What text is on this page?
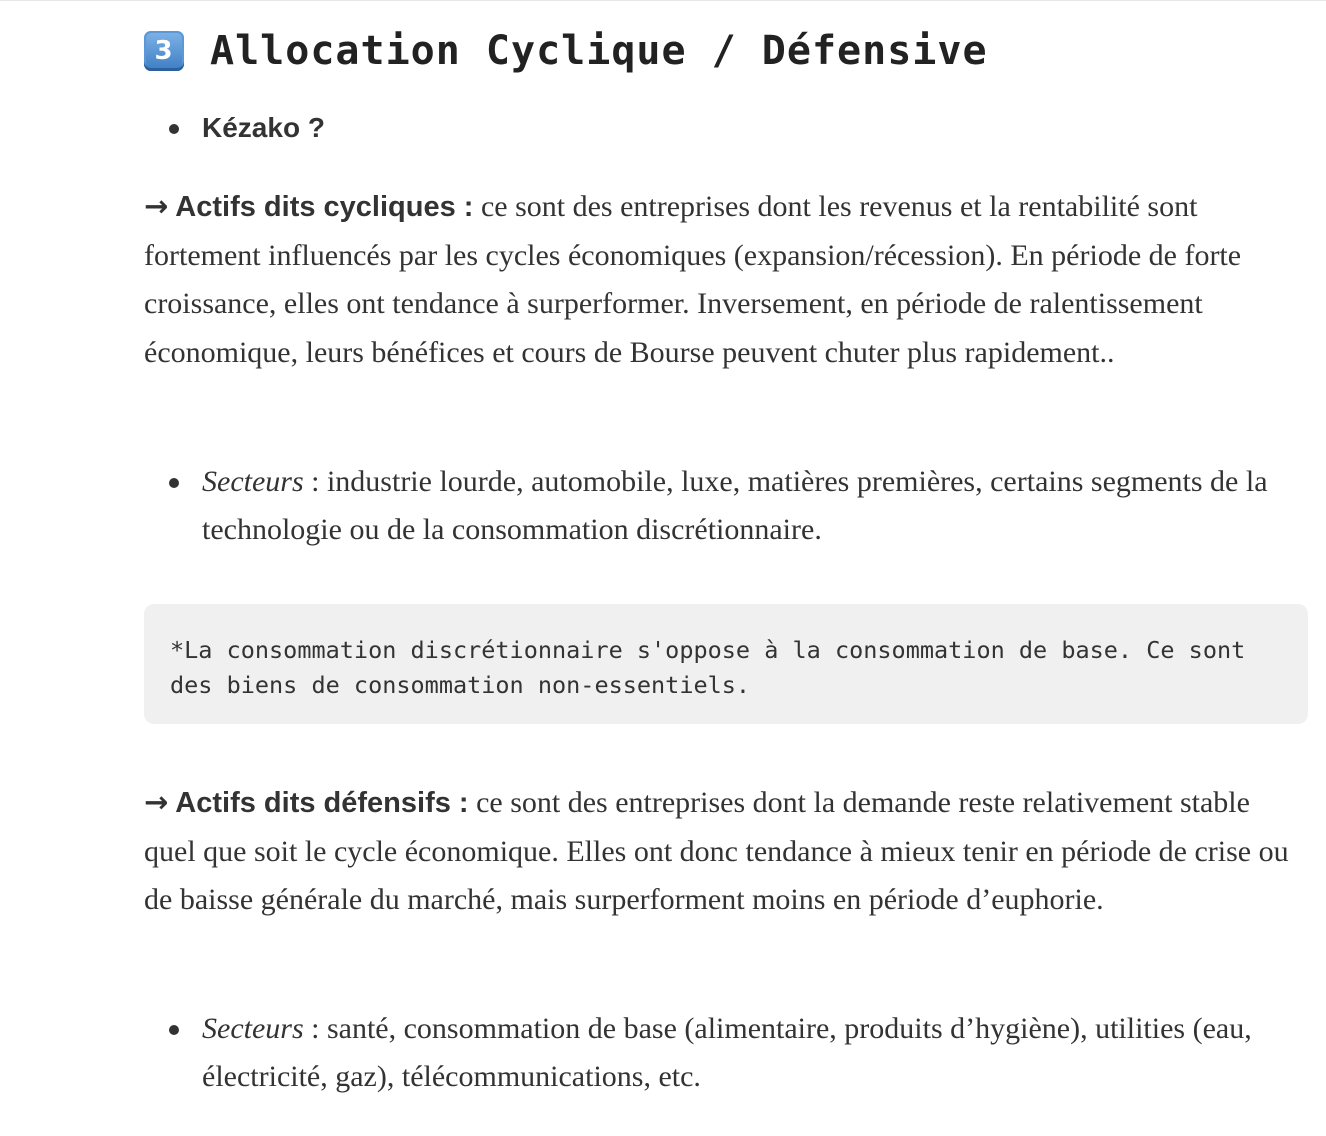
3 Allocation Cyclique / Défensive
Kézako ?

→ Actifs dits cycliques : ce sont des entreprises dont les revenus et la rentabilité sont fortement influencés par les cycles économiques (expansion/récession). En période de forte croissance, elles ont tendance à surperformer. Inversement, en période de ralentissement économique, leurs bénéfices et cours de Bourse peuvent chuter plus rapidement..

Secteurs : industrie lourde, automobile, luxe, matières premières, certains segments de la technologie ou de la consommation discrétionnaire.
*La consommation discrétionnaire s'oppose à la consommation de base. Ce sont des biens de consommation non-essentiels.

→ Actifs dits défensifs : ce sont des entreprises dont la demande reste relativement stable quel que soit le cycle économique. Elles ont donc tendance à mieux tenir en période de crise ou de baisse générale du marché, mais surperforment moins en période d’euphorie.

Secteurs : santé, consommation de base (alimentaire, produits d’hygiène), utilities (eau, électricité, gaz), télécommunications, etc.
